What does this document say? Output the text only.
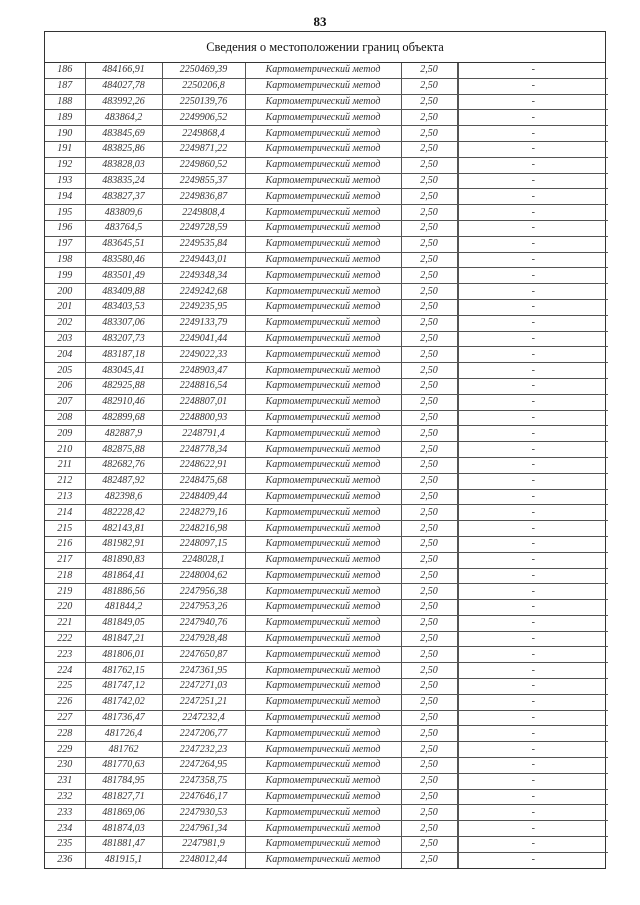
83
Сведения о местоположении границ объекта
186	484166,91	2250469,39	Картометрический метод	2,50		-
187	484027,78	2250206,8	Картометрический метод	2,50		-
188	483992,26	2250139,76	Картометрический метод	2,50		-
189	483864,2	2249906,52	Картометрический метод	2,50		-
190	483845,69	2249868,4	Картометрический метод	2,50		-
191	483825,86	2249871,22	Картометрический метод	2,50		-
192	483828,03	2249860,52	Картометрический метод	2,50		-
193	483835,24	2249855,37	Картометрический метод	2,50		-
194	483827,37	2249836,87	Картометрический метод	2,50		-
195	483809,6	2249808,4	Картометрический метод	2,50		-
196	483764,5	2249728,59	Картометрический метод	2,50		-
197	483645,51	2249535,84	Картометрический метод	2,50		-
198	483580,46	2249443,01	Картометрический метод	2,50		-
199	483501,49	2249348,34	Картометрический метод	2,50		-
200	483409,88	2249242,68	Картометрический метод	2,50		-
201	483403,53	2249235,95	Картометрический метод	2,50		-
202	483307,06	2249133,79	Картометрический метод	2,50		-
203	483207,73	2249041,44	Картометрический метод	2,50		-
204	483187,18	2249022,33	Картометрический метод	2,50		-
205	483045,41	2248903,47	Картометрический метод	2,50		-
206	482925,88	2248816,54	Картометрический метод	2,50		-
207	482910,46	2248807,01	Картометрический метод	2,50		-
208	482899,68	2248800,93	Картометрический метод	2,50		-
209	482887,9	2248791,4	Картометрический метод	2,50		-
210	482875,88	2248778,34	Картометрический метод	2,50		-
211	482682,76	2248622,91	Картометрический метод	2,50		-
212	482487,92	2248475,68	Картометрический метод	2,50		-
213	482398,6	2248409,44	Картометрический метод	2,50		-
214	482228,42	2248279,16	Картометрический метод	2,50		-
215	482143,81	2248216,98	Картометрический метод	2,50		-
216	481982,91	2248097,15	Картометрический метод	2,50		-
217	481890,83	2248028,1	Картометрический метод	2,50		-
218	481864,41	2248004,62	Картометрический метод	2,50		-
219	481886,56	2247956,38	Картометрический метод	2,50		-
220	481844,2	2247953,26	Картометрический метод	2,50		-
221	481849,05	2247940,76	Картометрический метод	2,50		-
222	481847,21	2247928,48	Картометрический метод	2,50		-
223	481806,01	2247650,87	Картометрический метод	2,50		-
224	481762,15	2247361,95	Картометрический метод	2,50		-
225	481747,12	2247271,03	Картометрический метод	2,50		-
226	481742,02	2247251,21	Картометрический метод	2,50		-
227	481736,47	2247232,4	Картометрический метод	2,50		-
228	481726,4	2247206,77	Картометрический метод	2,50		-
229	481762	2247232,23	Картометрический метод	2,50		-
230	481770,63	2247264,95	Картометрический метод	2,50		-
231	481784,95	2247358,75	Картометрический метод	2,50		-
232	481827,71	2247646,17	Картометрический метод	2,50		-
233	481869,06	2247930,53	Картометрический метод	2,50		-
234	481874,03	2247961,34	Картометрический метод	2,50		-
235	481881,47	2247981,9	Картометрический метод	2,50		-
236	481915,1	2248012,44	Картометрический метод	2,50		-
